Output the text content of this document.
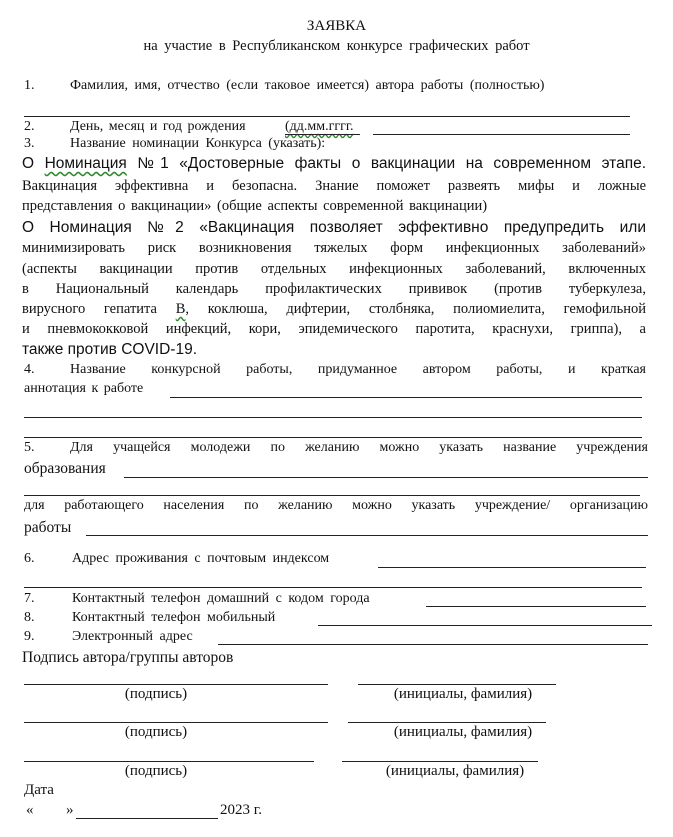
ЗАЯВКА
на участие в Республиканском конкурсе графических работ
1.	Фамилия, имя, отчество (если таковое имеется) автора работы (полностью)
2.	День, месяц и год рождения	(дд.мм.гггг.
3.	Название номинации Конкурса (указать):
О Номинация №1 «Достоверные факты о вакцинации на современном этапе.
Вакцинация эффективна и безопасна. Знание поможет развеять мифы и ложные
представления о вакцинации» (общие аспекты современной вакцинации)
О Номинация №2 «Вакцинация позволяет эффективно предупредить или
минимизировать риск возникновения тяжелых форм инфекционных заболеваний»
(аспекты вакцинации против отдельных инфекционных заболеваний, включенных
в Национальный календарь профилактических прививок (против туберкулеза,
вирусного гепатита В, коклюша, дифтерии, столбняка, полиомиелита, гемофильной
и пневмококковой инфекций, кори, эпидемического паротита, краснухи, гриппа), а
также против COVID-19.
4.	Название конкурсной работы, придуманное автором работы, и краткая
аннотация к работе
5.	Для учащейся молодежи по желанию можно указать название учреждения
образования
для работающего населения по желанию можно указать учреждение/ организацию
работы
6.	Адрес проживания с почтовым индексом
7.	Контактный телефон домашний с кодом города
8.	Контактный телефон мобильный
9.	Электронный адрес
Подпись автора/группы авторов
(подпись)	(инициалы, фамилия)
(подпись)	(инициалы, фамилия)
(подпись)	(инициалы, фамилия)
Дата
« »	2023 г.
